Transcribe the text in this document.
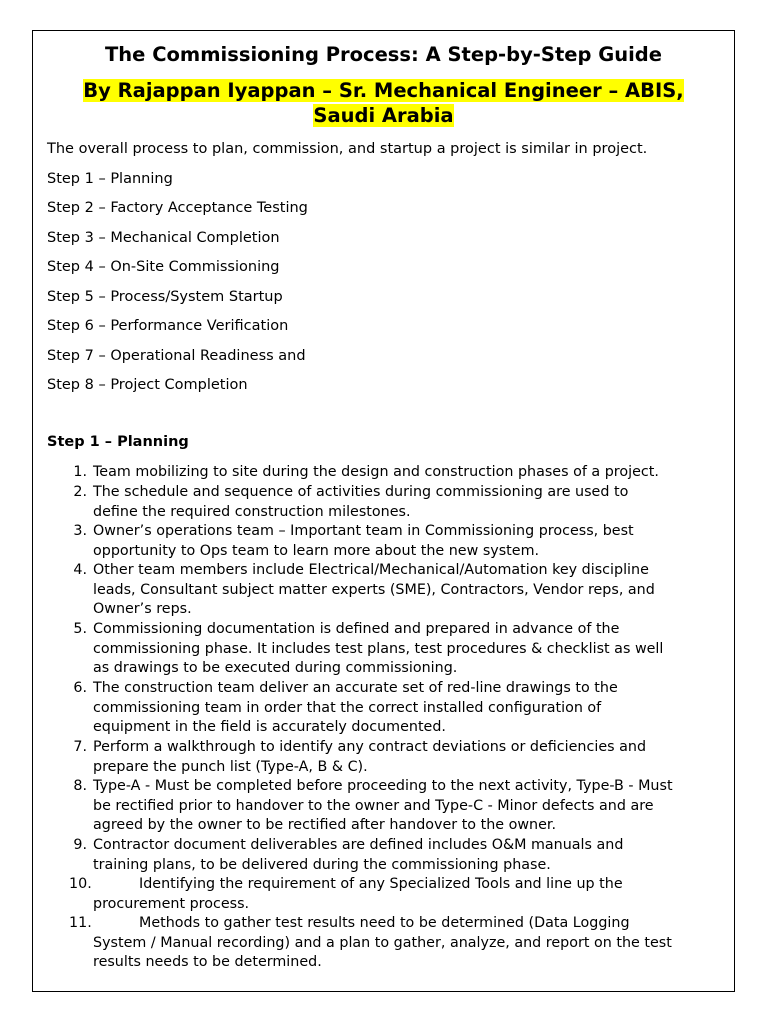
The Commissioning Process: A Step-by-Step Guide
By Rajappan Iyappan – Sr. Mechanical Engineer – ABIS,
Saudi Arabia
The overall process to plan, commission, and startup a project is similar in project.
Step 1 – Planning
Step 2 – Factory Acceptance Testing
Step 3 – Mechanical Completion
Step 4 – On-Site Commissioning
Step 5 – Process/System Startup
Step 6 – Performance Verification
Step 7 – Operational Readiness and
Step 8 – Project Completion
Step 1 – Planning
1. Team mobilizing to site during the design and construction phases of a project.
2. The schedule and sequence of activities during commissioning are used to
define the required construction milestones.
3. Owner’s operations team – Important team in Commissioning process, best
opportunity to Ops team to learn more about the new system.
4. Other team members include Electrical/Mechanical/Automation key discipline
leads, Consultant subject matter experts (SME), Contractors, Vendor reps, and
Owner’s reps.
5. Commissioning documentation is defined and prepared in advance of the
commissioning phase. It includes test plans, test procedures & checklist as well
as drawings to be executed during commissioning.
6. The construction team deliver an accurate set of red-line drawings to the
commissioning team in order that the correct installed configuration of
equipment in the field is accurately documented.
7. Perform a walkthrough to identify any contract deviations or deficiencies and
prepare the punch list (Type-A, B & C).
8. Type-A - Must be completed before proceeding to the next activity, Type-B - Must
be rectified prior to handover to the owner and Type-C - Minor defects and are
agreed by the owner to be rectified after handover to the owner.
9. Contractor document deliverables are defined includes O&M manuals and
training plans, to be delivered during the commissioning phase.
10.	Identifying the requirement of any Specialized Tools and line up the
procurement process.
11.	Methods to gather test results need to be determined (Data Logging
System / Manual recording) and a plan to gather, analyze, and report on the test
results needs to be determined.
